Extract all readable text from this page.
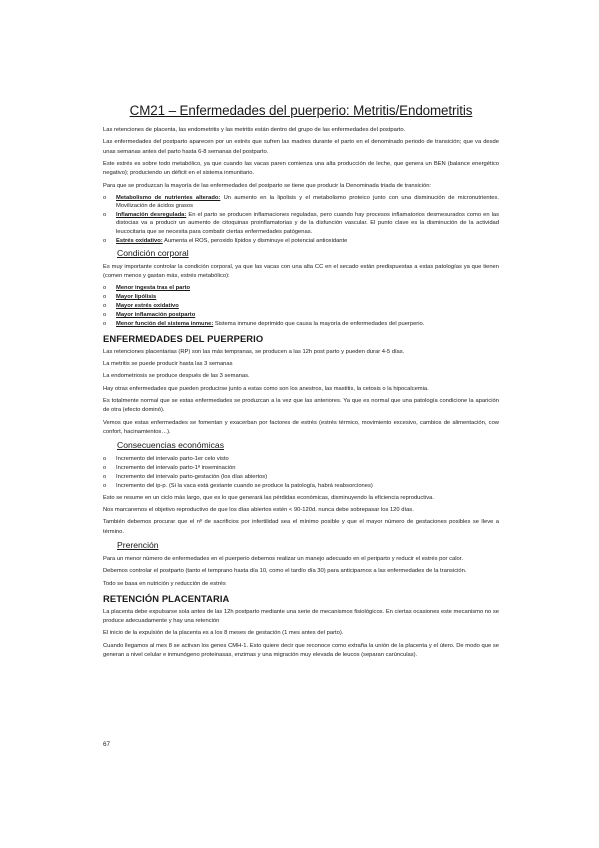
CM21 – Enfermedades del puerperio: Metritis/Endometritis

Las retenciones de placenta, las endometritis y las metritis están dentro del grupo de las enfermedades del postparto.

Las enfermedades del postparto aparecen por un estrés que sufren las madres durante el parto en el denominado periodo de transición; que va desde unas semanas antes del parto hasta 6-8 semanas del postparto.

Este estrés es sobre todo metabólico, ya que cuando las vacas paren comienza una alta producción de leche, que genera un BEN (balance energético negativo); produciendo un déficit en el sistema inmunitario.

Para que se produzcan la mayoría de las enfermedades del postparto se tiene que producir la Denominada triada de transición:

o Metabolismo de nutrientes alterado: Un aumento en la lipolisis y el metabolismo proteico junto con una disminución de micronutrientes. Movilización de ácidos grasos
o Inflamación desregulada: En el parto se producen inflamaciones reguladas, pero cuando hay procesos inflamatorios desmesurados como en las distocias va a producir un aumento de citoquinas proinflamatorias y de la disfunción vascular. El punto clave es la disminución de la actividad leucocitaria que se necesita para combatir ciertas enfermedades patógenas.
o Estrés oxidativo: Aumenta el ROS, peroxido lípidos y disminuye el potencial antioxidante
Condición corporal

Es muy importante controlar la condición corporal, ya que las vacas con una alta CC en el secado están predispuestas a estas patologías ya que tienen (comen menos y gastan más, estrés metabólico):

o Menor ingesta tras el parto
o Mayor lipólisis
o Mayor estrés oxidativo
o Mayor inflamación postparto
o Menor función del sistema inmune: Sistema inmune deprimido que causa la mayoría de enfermedades del puerperio.
ENFERMEDADES DEL PUERPERIO

Las retenciones placentarias (RP) son las más tempranas, se producen a las 12h post parto y pueden durar 4-5 días.

La metritis se puede producir hasta las 3 semanas

La endometriosis se produce después de las 3 semanas.

Hay otras enfermedades que pueden producirse junto a estas como son los anestros, las mastitis, la cetosis o la hipocalcemia.

Es totalmente normal que se estas enfermedades se produzcan a la vez que las anteriores. Ya que es normal que una patología condicione la aparición de otra (efecto dominó).

Vemos que estas enfermedades se fomentan y exacerban por factores de estrés (estrés térmico, movimiento excesivo, cambios de alimentación, cow confort, hacinamientos…).

Consecuencias económicas
o Incremento del intervalo parto-1er celo visto
o Incremento del intervalo parto-1ª inseminación
o Incremento del intervalo parto-gestación (los días abiertos)
o Incremento del ip-p. (Si la vaca está gestante cuando se produce la patología, habrá reabsorciones)

Esto se resume en un ciclo más largo, que es lo que generará las pérdidas económicas, disminuyendo la eficiencia reproductiva.

Nos marcaremos el objetivo reproductivo de que los días abiertos estén < 90-120d. nunca debe sobrepasar los 120 días.

También debemos procurar que el nº de sacrificios por infertilidad sea el mínimo posible y que el mayor número de gestaciones posibles se lleve a término.

Prerención

Para un menor número de enfermedades en el puerperio debemos realizar un manejo adecuado en el periparto y reducir el estrés por calor.

Debemos controlar el postparto (tanto el temprano hasta día 10, como el tardío día 30) para anticiparnos a las enfermedades de la transición.

Todo se basa en nutrición y reducción de estrés

RETENCIÓN PLACENTARIA

La placenta debe expulsarse sola antes de las 12h postparto mediante una serie de mecanismos fisiológicos. En ciertas ocasiones este mecanismo no se produce adecuadamente y hay una retención

El inicio de la expulsión de la placenta es a los 8 meses de gestación (1 mes antes del parto).

Cuando llegamos al mes 8 se activan los genes CMH-1. Esto quiere decir que reconoce como extraña la unión de la placenta y el útero. De modo que se generan a nivel celular e inmunógeno proteinasas, enzimas y una migración muy elevada de leucos (separan carúnculas).

67
